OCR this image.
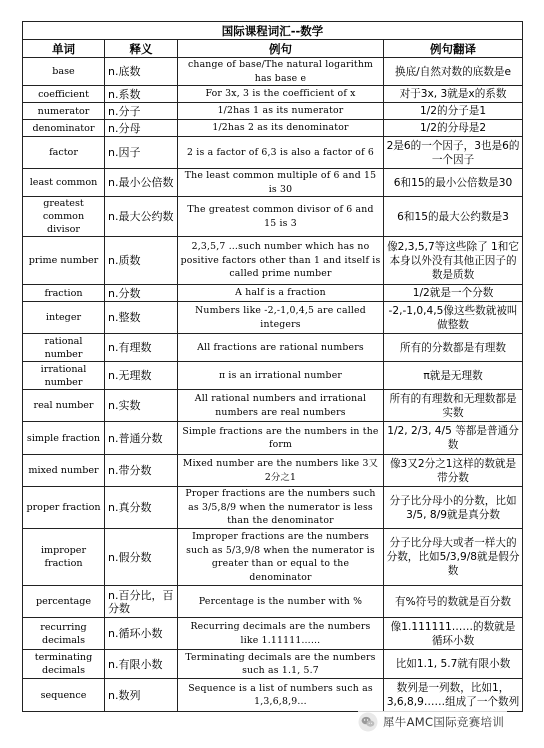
国际课程词汇--数学			
单词	释义	例句	例句翻译
base	n.底数	change of base/The natural logarithm has base e	换底/自然对数的底数是e
coefficient	n.系数	For 3x, 3 is the coefficient of x	对于3x, 3就是x的系数
numerator	n.分子	1/2has 1 as its numerator	1/2的分子是1
denominator	n.分母	1/2has 2 as its denominator	1/2的分母是2
factor	n.因子	2 is a factor of 6,3 is also a factor of 6	2是6的一个因子，3也是6的一个因子
least common	n.最小公倍数	The least common multiple of 6 and 15 is 30	6和15的最小公倍数是30
greatest common divisor	n.最大公约数	The greatest common divisor of 6 and 15 is 3	6和15的最大公约数是3
prime number	n.质数	2,3,5,7 …such number which has no positive factors other than 1 and itself is called prime number	像2,3,5,7等这些除了 1和它本身以外没有其他正因子的数是质数
fraction	n.分数	A half is a fraction	1/2就是一个分数
integer	n.整数	Numbers like -2,-1,0,4,5 are called integers	-2,-1,0,4,5像这些数就被叫做整数
rational number	n.有理数	All fractions are rational numbers	所有的分数都是有理数
irrational number	n.无理数	π is an irrational number	π就是无理数
real number	n.实数	All rational numbers and irrational numbers are real numbers	所有的有理数和无理数都是实数
simple fraction	n.普通分数	Simple fractions are the numbers in the form	1/2, 2/3, 4/5 等都是普通分数
mixed number	n.带分数	Mixed number are the numbers like 3又2分之1	像3又2分之1这样的数就是带分数
proper fraction	n.真分数	Proper fractions are the numbers such as 3/5,8/9 when the numerator is less than the denominator	分子比分母小的分数，比如3/5, 8/9就是真分数
improper fraction	n.假分数	Improper fractions are the numbers such as 5/3,9/8 when the numerator is greater than or equal to the denominator	分子比分母大或者一样大的分数，比如5/3,9/8就是假分数
percentage	n.百分比，百分数	Percentage is the number with %	有%符号的数就是百分数
recurring decimals	n.循环小数	Recurring decimals are the numbers like 1.11111……	像1.111111……的数就是循环小数
terminating decimals	n.有限小数	Terminating decimals are the numbers such as 1.1, 5.7	比如1.1, 5.7就有限小数
sequence	n.数列	Sequence is a list of numbers such as 1,3,6,8,9...	数列是一列数，比如1，3,6,8,9……组成了一个数列
犀牛AMC国际竞赛培训
